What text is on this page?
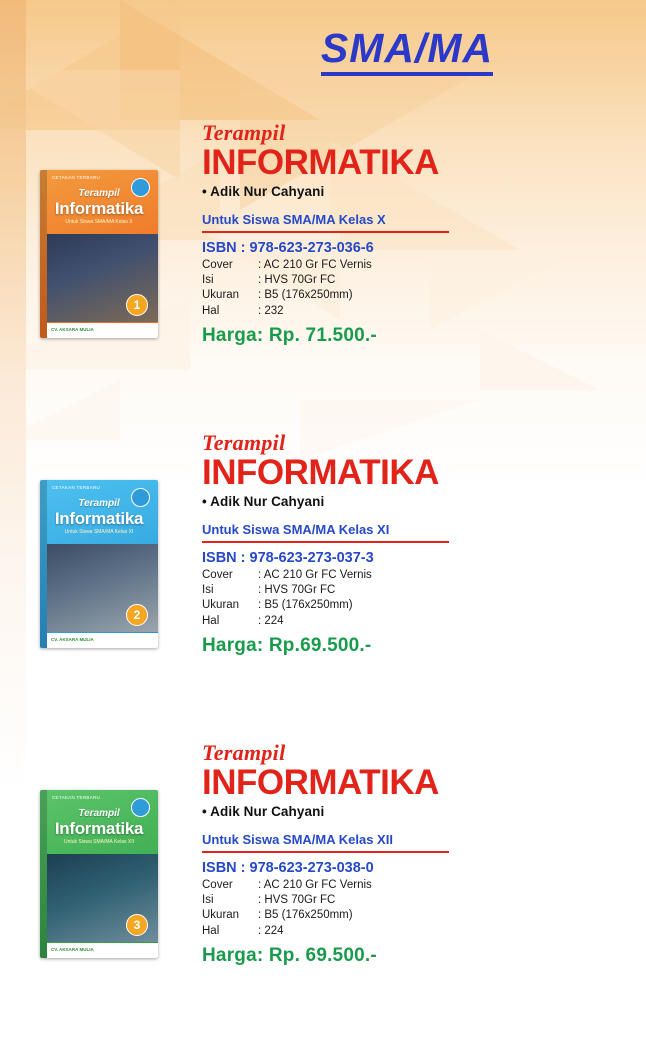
SMA/MA
CETAKAN TERBARU
Terampil
Informatika
Untuk Siswa SMA/MA Kelas X
1
CV. AKSARA MULIA
Terampil
INFORMATIKA
• Adik Nur Cahyani
Untuk Siswa SMA/MA Kelas X
ISBN : 978-623-273-036-6
Cover	: AC 210 Gr FC Vernis
Isi	: HVS 70Gr FC
Ukuran	: B5 (176x250mm)
Hal	: 232
Harga: Rp. 71.500.-
CETAKAN TERBARU
Terampil
Informatika
Untuk Siswa SMA/MA Kelas XI
2
CV. AKSARA MULIA
Terampil
INFORMATIKA
• Adik Nur Cahyani
Untuk Siswa SMA/MA Kelas XI
ISBN : 978-623-273-037-3
Cover	: AC 210 Gr FC Vernis
Isi	: HVS 70Gr FC
Ukuran	: B5 (176x250mm)
Hal	: 224
Harga: Rp.69.500.-
CETAKAN TERBARU
Terampil
Informatika
Untuk Siswa SMA/MA Kelas XII
3
CV. AKSARA MULIA
Terampil
INFORMATIKA
• Adik Nur Cahyani
Untuk Siswa SMA/MA Kelas XII
ISBN : 978-623-273-038-0
Cover	: AC 210 Gr FC Vernis
Isi	: HVS 70Gr FC
Ukuran	: B5 (176x250mm)
Hal	: 224
Harga: Rp. 69.500.-
